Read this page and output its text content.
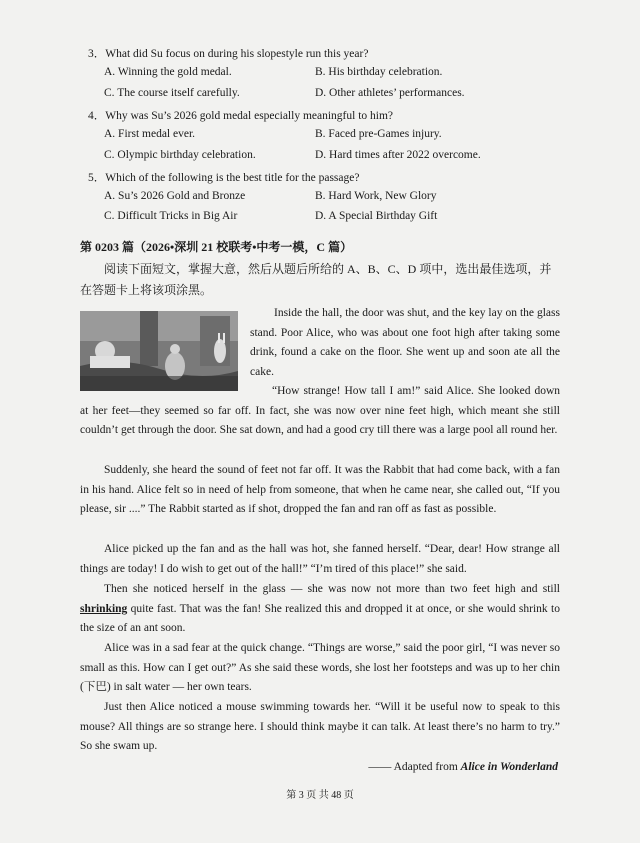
3．What did Su focus on during his slopestyle run this year?
A. Winning the gold medal.	B. His birthday celebration.
C. The course itself carefully.	D. Other athletes’ performances.
4．Why was Su’s 2026 gold medal especially meaningful to him?
A. First medal ever.	B. Faced pre-Games injury.
C. Olympic birthday celebration.	D. Hard times after 2022 overcome.
5．Which of the following is the best title for the passage?
A. Su’s 2026 Gold and Bronze	B. Hard Work, New Glory
C. Difficult Tricks in Big Air	D. A Special Birthday Gift
第 0203 篇（2026•深圳 21 校联考•中考一模，C 篇）
阅读下面短文，掌握大意，然后从题后所给的 A、B、C、D 项中，选出最佳选项，并在答题卡上将该项涂黑。

Inside the hall, the door was shut, and the key lay on the glass stand. Poor Alice, who was about one foot high after taking some drink, found a cake on the floor. She went up and soon ate all the cake.

“How strange! How tall I am!” said Alice. She looked down at her feet—they seemed so far off. In fact, she was now over nine feet high, which meant she still couldn’t get through the door. She sat down, and had a good cry till there was a large pool all round her.

Suddenly, she heard the sound of feet not far off. It was the Rabbit that had come back, with a fan in his hand. Alice felt so in need of help from someone, that when he came near, she called out, “If you please, sir ....” The Rabbit started as if shot, dropped the fan and ran off as fast as possible.

Alice picked up the fan and as the hall was hot, she fanned herself. “Dear, dear! How strange all things are today! I do wish to get out of the hall!” “I’m tired of this place!” she said.

Then she noticed herself in the glass — she was now not more than two feet high and still shrinking quite fast. That was the fan! She realized this and dropped it at once, or she would shrink to the size of an ant soon.

Alice was in a sad fear at the quick change. “Things are worse,” said the poor girl, “I was never so small as this. How can I get out?” As she said these words, she lost her footsteps and was up to her chin (下巴) in salt water — her own tears.

Just then Alice noticed a mouse swimming towards her. “Will it be useful now to speak to this mouse? All things are so strange here. I should think maybe it can talk. At least there’s no harm to try.” So she swam up.

—— Adapted from Alice in Wonderland
第 3 页 共 48 页
